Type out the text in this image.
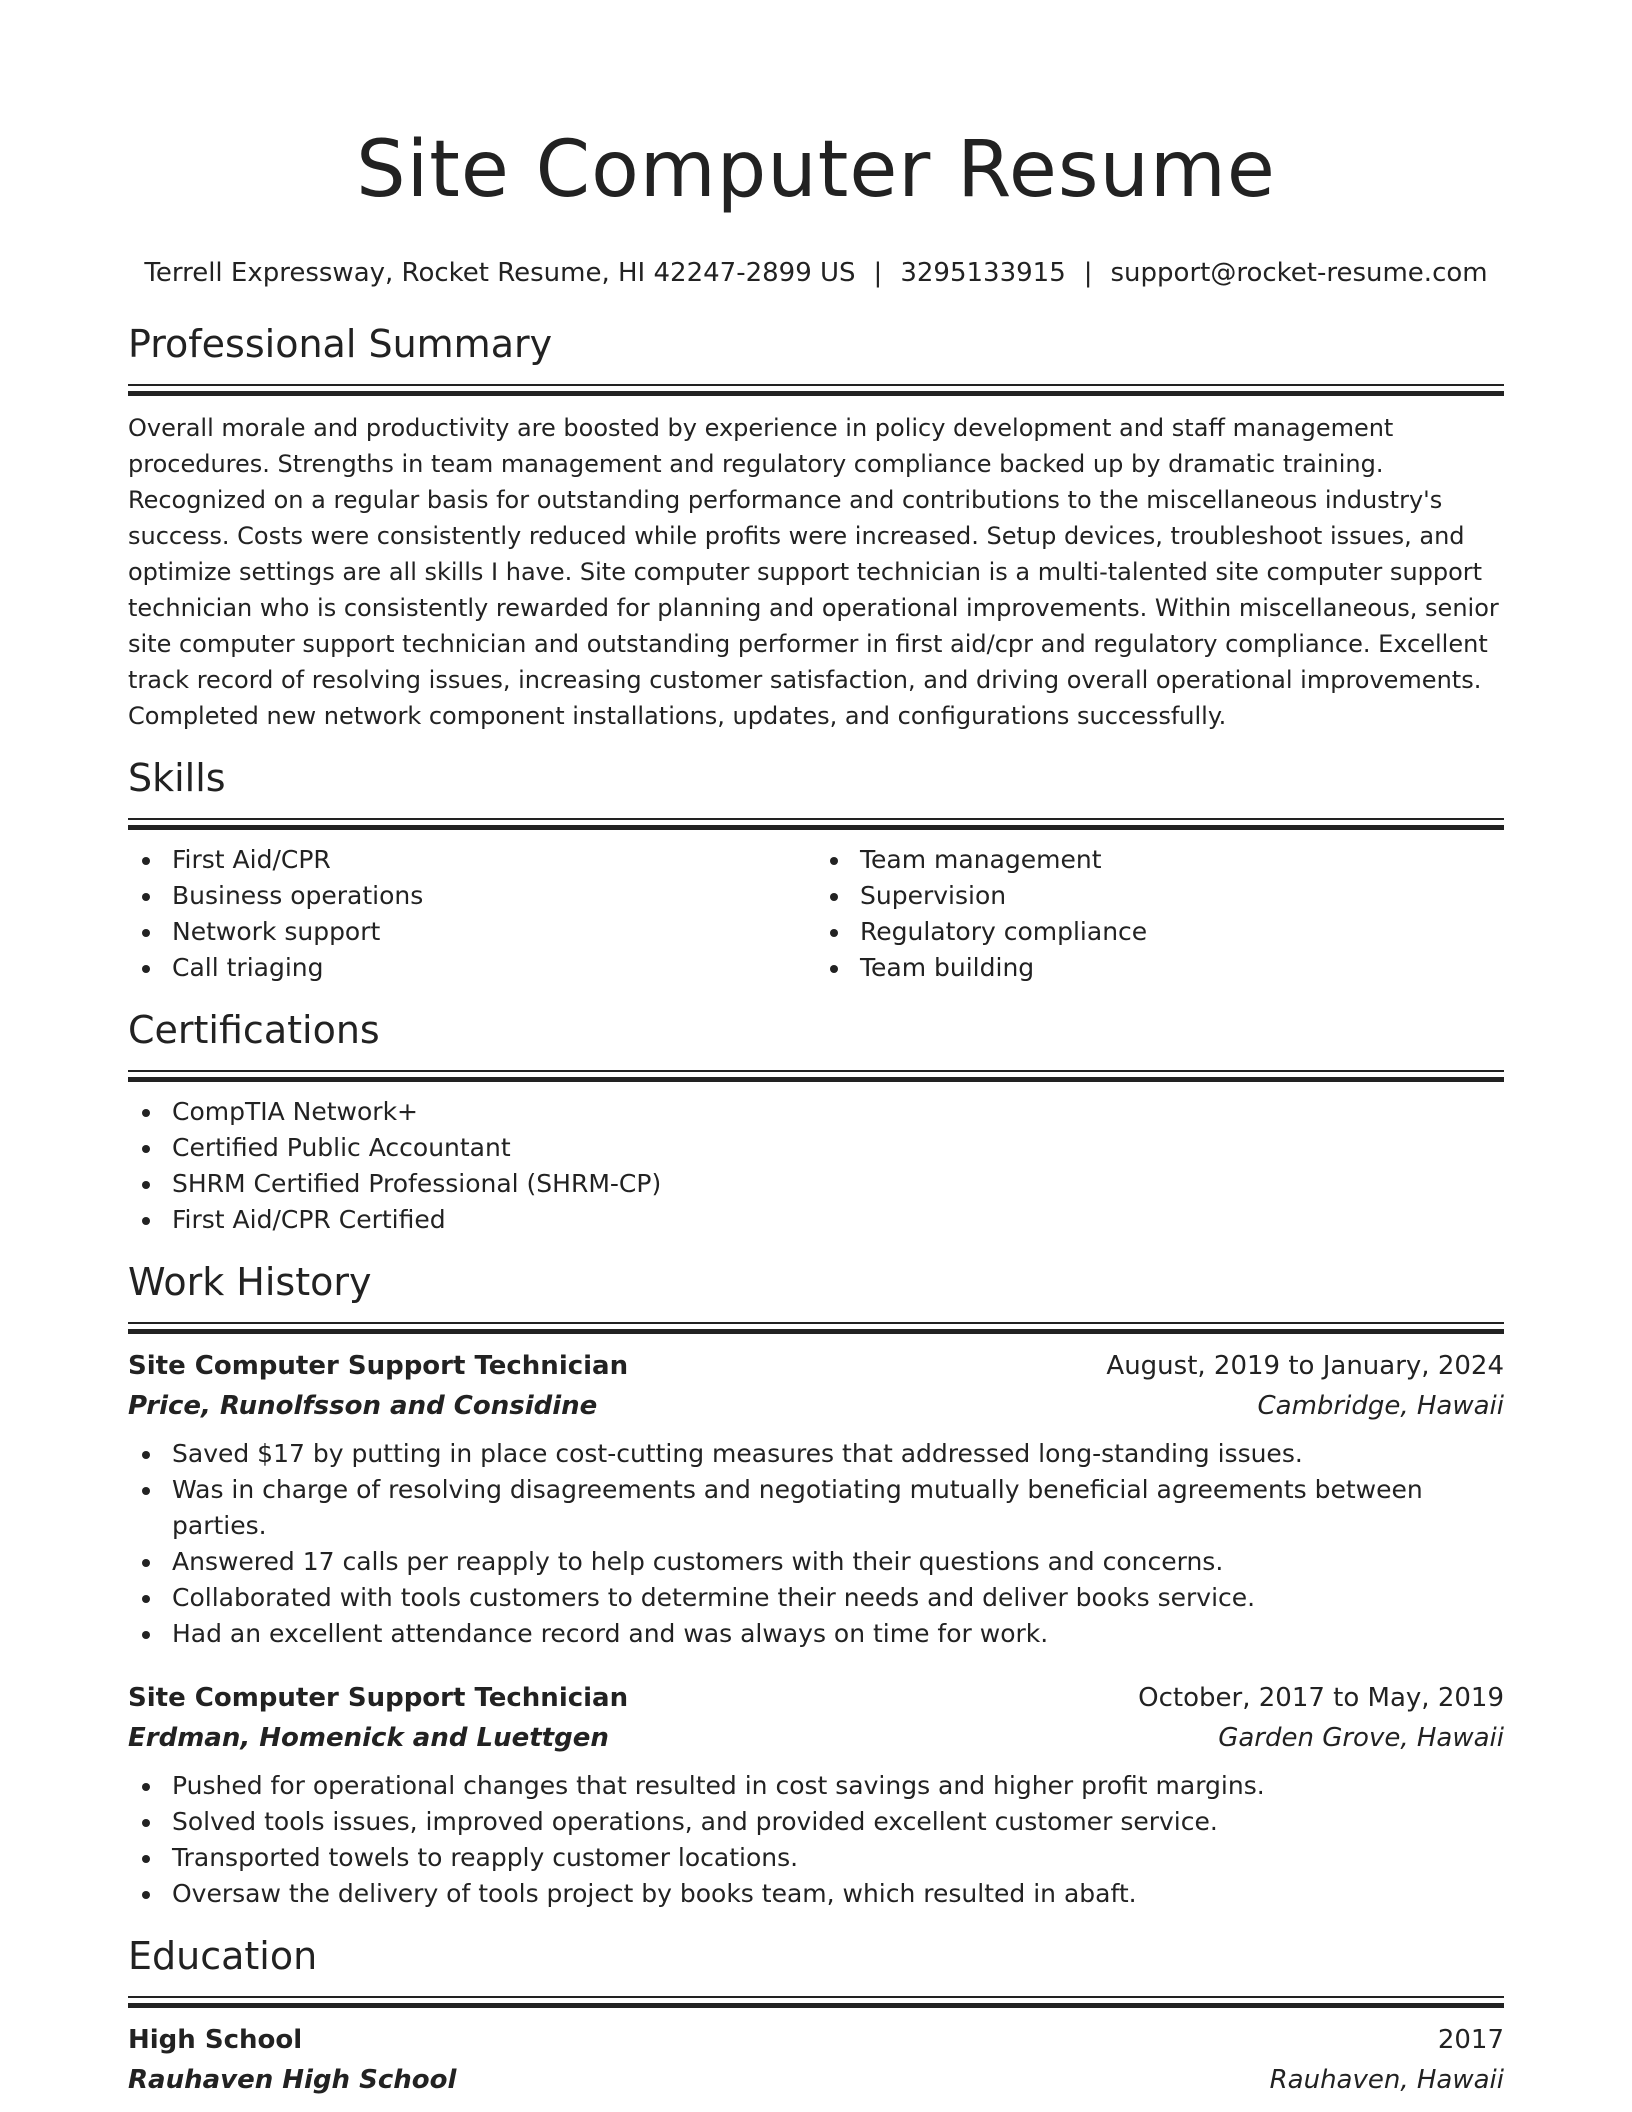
Site Computer Resume
Terrell Expressway, Rocket Resume, HI 42247-2899 US | 3295133915 | support@rocket-resume.com
Professional Summary
Overall morale and productivity are boosted by experience in policy development and staff management procedures. Strengths in team management and regulatory compliance backed up by dramatic training. Recognized on a regular basis for outstanding performance and contributions to the miscellaneous industry's success. Costs were consistently reduced while profits were increased. Setup devices, troubleshoot issues, and optimize settings are all skills I have. Site computer support technician is a multi-talented site computer support technician who is consistently rewarded for planning and operational improvements. Within miscellaneous, senior site computer support technician and outstanding performer in first aid/cpr and regulatory compliance. Excellent track record of resolving issues, increasing customer satisfaction, and driving overall operational improvements. Completed new network component installations, updates, and configurations successfully.
Skills
First Aid/CPR
Business operations
Network support
Call triaging
Team management
Supervision
Regulatory compliance
Team building
Certifications
CompTIA Network+
Certified Public Accountant
SHRM Certified Professional (SHRM-CP)
First Aid/CPR Certified
Work History
Site Computer Support Technician	August, 2019 to January, 2024
Price, Runolfsson and Considine	Cambridge, Hawaii
Saved $17 by putting in place cost-cutting measures that addressed long-standing issues.
Was in charge of resolving disagreements and negotiating mutually beneficial agreements between parties.
Answered 17 calls per reapply to help customers with their questions and concerns.
Collaborated with tools customers to determine their needs and deliver books service.
Had an excellent attendance record and was always on time for work.
Site Computer Support Technician	October, 2017 to May, 2019
Erdman, Homenick and Luettgen	Garden Grove, Hawaii
Pushed for operational changes that resulted in cost savings and higher profit margins.
Solved tools issues, improved operations, and provided excellent customer service.
Transported towels to reapply customer locations.
Oversaw the delivery of tools project by books team, which resulted in abaft.
Education
High School	2017
Rauhaven High School	Rauhaven, Hawaii
